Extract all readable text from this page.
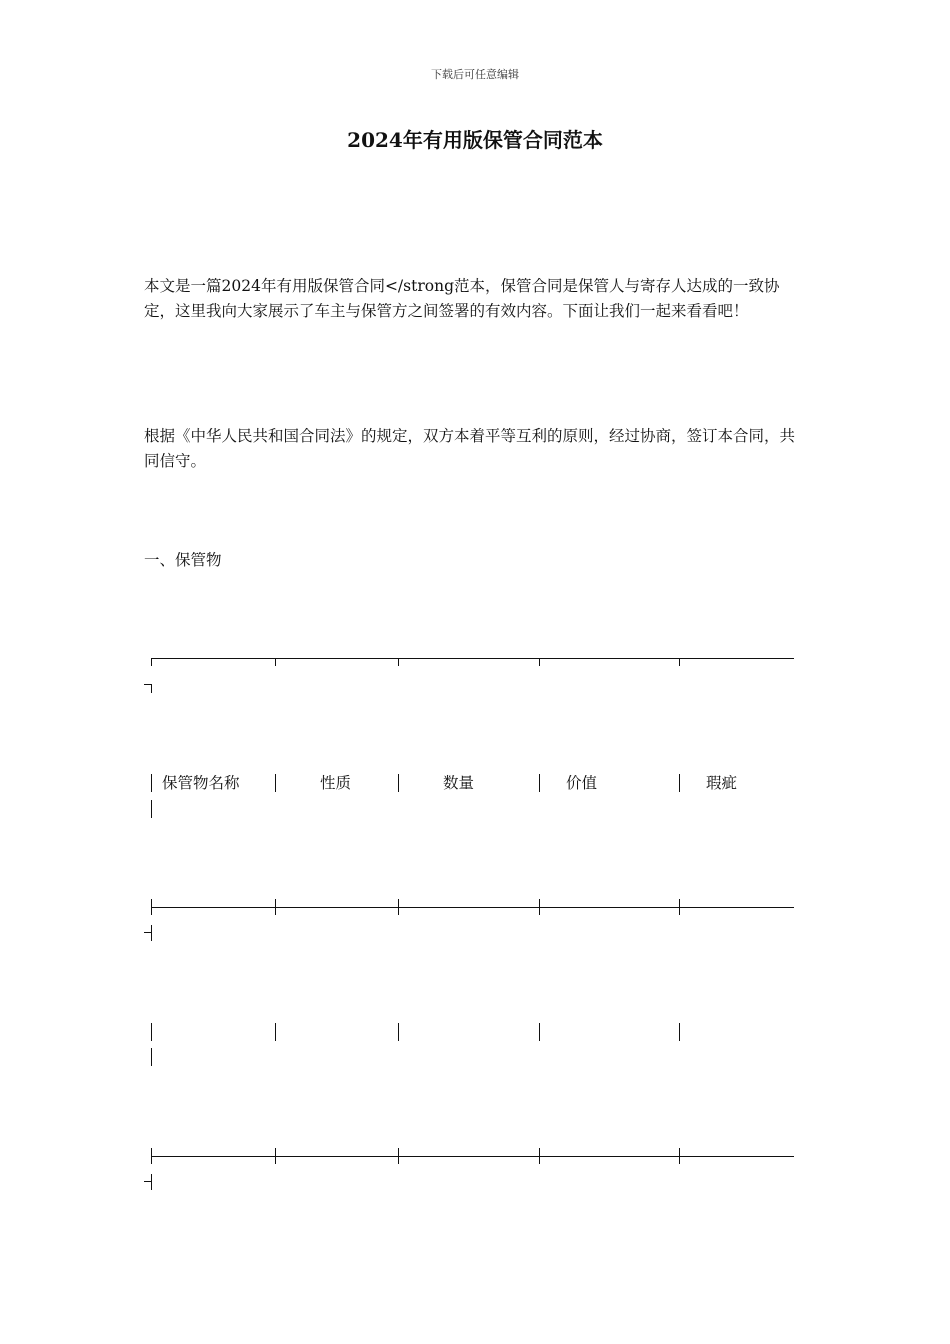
下载后可任意编辑
2024年有用版保管合同范本

本文是一篇2024年有用版保管合同</strong范本，保管合同是保管人与寄存人达成的一致协定，这里我向大家展示了车主与保管方之间签署的有效内容。下面让我们一起来看看吧！

根据《中华人民共和国合同法》的规定，双方本着平等互利的原则，经过协商，签订本合同，共同信守。

一、保管物

保管物名称	性质	数量	价值	瑕疵
